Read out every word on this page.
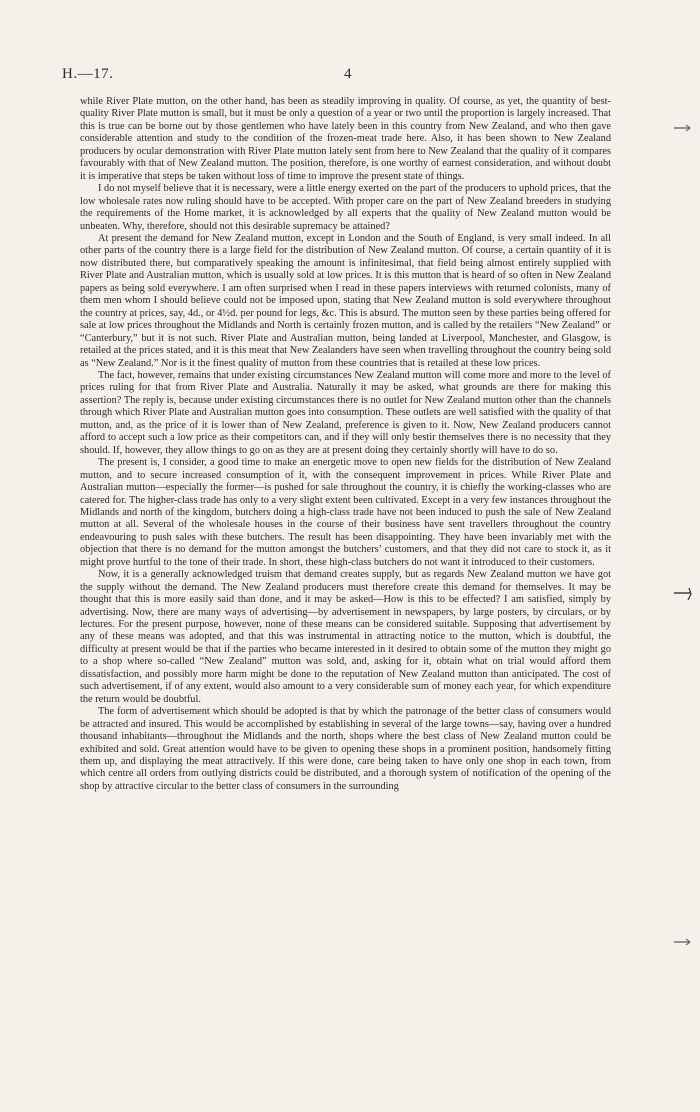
H.—17.	4

while River Plate mutton, on the other hand, has been as steadily improving in quality. Of course, as yet, the quantity of best-quality River Plate mutton is small, but it must be only a question of a year or two until the proportion is largely increased. That this is true can be borne out by those gentlemen who have lately been in this country from New Zealand, and who then gave considerable attention and study to the condition of the frozen-meat trade here. Also, it has been shown to New Zealand producers by ocular demonstration with River Plate mutton lately sent from here to New Zealand that the quality of it compares favourably with that of New Zealand mutton. The position, therefore, is one worthy of earnest consideration, and without doubt it is imperative that steps be taken without loss of time to improve the present state of things.

I do not myself believe that it is necessary, were a little energy exerted on the part of the producers to uphold prices, that the low wholesale rates now ruling should have to be accepted. With proper care on the part of New Zealand breeders in studying the requirements of the Home market, it is acknowledged by all experts that the quality of New Zealand mutton would be unbeaten. Why, therefore, should not this desirable supremacy be attained?

At present the demand for New Zealand mutton, except in London and the South of England, is very small indeed. In all other parts of the country there is a large field for the distribution of New Zealand mutton. Of course, a certain quantity of it is now distributed there, but comparatively speaking the amount is infinitesimal, that field being almost entirely supplied with River Plate and Australian mutton, which is usually sold at low prices. It is this mutton that is heard of so often in New Zealand papers as being sold everywhere. I am often surprised when I read in these papers interviews with returned colonists, many of them men whom I should believe could not be imposed upon, stating that New Zealand mutton is sold everywhere throughout the country at prices, say, 4d., or 4½d. per pound for legs, &c. This is absurd. The mutton seen by these parties being offered for sale at low prices throughout the Midlands and North is certainly frozen mutton, and is called by the retailers “New Zealand” or “Canterbury,” but it is not such. River Plate and Australian mutton, being landed at Liverpool, Manchester, and Glasgow, is retailed at the prices stated, and it is this meat that New Zealanders have seen when travelling throughout the country being sold as “New Zealand.” Nor is it the finest quality of mutton from these countries that is retailed at these low prices.

The fact, however, remains that under existing circumstances New Zealand mutton will come more and more to the level of prices ruling for that from River Plate and Australia. Naturally it may be asked, what grounds are there for making this assertion? The reply is, because under existing circumstances there is no outlet for New Zealand mutton other than the channels through which River Plate and Australian mutton goes into consumption. These outlets are well satisfied with the quality of that mutton, and, as the price of it is lower than of New Zealand, preference is given to it. Now, New Zealand producers cannot afford to accept such a low price as their competitors can, and if they will only bestir themselves there is no necessity that they should. If, however, they allow things to go on as they are at present doing they certainly shortly will have to do so.

The present is, I consider, a good time to make an energetic move to open new fields for the distribution of New Zealand mutton, and to secure increased consumption of it, with the consequent improvement in prices. While River Plate and Australian mutton—especially the former—is pushed for sale throughout the country, it is chiefly the working-classes who are catered for. The higher-class trade has only to a very slight extent been cultivated. Except in a very few instances throughout the Midlands and north of the kingdom, butchers doing a high-class trade have not been induced to push the sale of New Zealand mutton at all. Several of the wholesale houses in the course of their business have sent travellers throughout the country endeavouring to push sales with these butchers. The result has been disappointing. They have been invariably met with the objection that there is no demand for the mutton amongst the butchers’ customers, and that they did not care to stock it, as it might prove hurtful to the tone of their trade. In short, these high-class butchers do not want it introduced to their customers.

Now, it is a generally acknowledged truism that demand creates supply, but as regards New Zealand mutton we have got the supply without the demand. The New Zealand producers must therefore create this demand for themselves. It may be thought that this is more easily said than done, and it may be asked—How is this to be effected? I am satisfied, simply by advertising. Now, there are many ways of advertising—by advertisement in newspapers, by large posters, by circulars, or by lectures. For the present purpose, however, none of these means can be considered suitable. Supposing that advertisement by any of these means was adopted, and that this was instrumental in attracting notice to the mutton, which is doubtful, the difficulty at present would be that if the parties who became interested in it desired to obtain some of the mutton they might go to a shop where so-called “New Zealand” mutton was sold, and, asking for it, obtain what on trial would afford them dissatisfaction, and possibly more harm might be done to the reputation of New Zealand mutton than anticipated. The cost of such advertisement, if of any extent, would also amount to a very considerable sum of money each year, for which expenditure the return would be doubtful.

The form of advertisement which should be adopted is that by which the patronage of the better class of consumers would be attracted and insured. This would be accomplished by establishing in several of the large towns—say, having over a hundred thousand inhabitants—throughout the Midlands and the north, shops where the best class of New Zealand mutton could be exhibited and sold. Great attention would have to be given to opening these shops in a prominent position, handsomely fitting them up, and displaying the meat attractively. If this were done, care being taken to have only one shop in each town, from which centre all orders from outlying districts could be distributed, and a thorough system of notification of the opening of the shop by attractive circular to the better class of consumers in the surrounding
